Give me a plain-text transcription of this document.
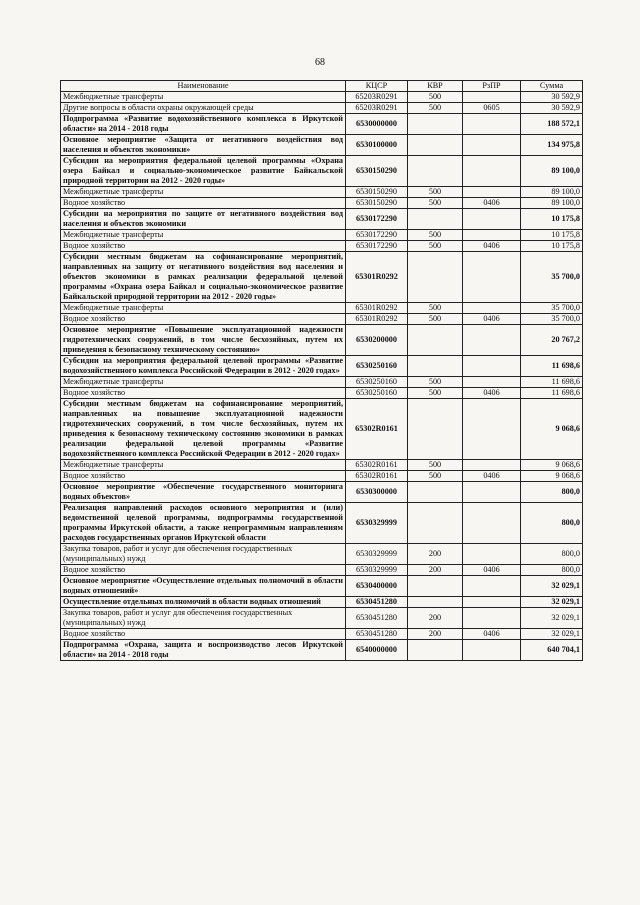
68
Наименование	КЦСР	КВР	РзПР	Сумма
Межбюджетные трансферты	65203R0291	500		30 592,9
Другие вопросы в области охраны окружающей среды	65203R0291	500	0605	30 592,9
Подпрограмма «Развитие водохозяйственного комплекса в Иркутской области» на 2014 - 2018 годы	6530000000			188 572,1
Основное мероприятие «Защита от негативного воздействия вод населения и объектов экономики»	6530100000			134 975,8
Субсидии на мероприятия федеральной целевой программы «Охрана озера Байкал и социально-экономическое развитие Байкальской природной территории на 2012 - 2020 годы»	6530150290			89 100,0
Межбюджетные трансферты	6530150290	500		89 100,0
Водное хозяйство	6530150290	500	0406	89 100,0
Субсидии на мероприятия по защите от негативного воздействия вод населения и объектов экономики	6530172290			10 175,8
Межбюджетные трансферты	6530172290	500		10 175,8
Водное хозяйство	6530172290	500	0406	10 175,8
Субсидии местным бюджетам на софинансирование мероприятий, направленных на защиту от негативного воздействия вод населения и объектов экономики в рамках реализации федеральной целевой программы «Охрана озера Байкал и социально-экономическое развитие Байкальской природной территории на 2012 - 2020 годы»	65301R0292			35 700,0
Межбюджетные трансферты	65301R0292	500		35 700,0
Водное хозяйство	65301R0292	500	0406	35 700,0
Основное мероприятие «Повышение эксплуатационной надежности гидротехнических сооружений, в том числе бесхозяйных, путем их приведения к безопасному техническому состоянию»	6530200000			20 767,2
Субсидии на мероприятия федеральной целевой программы «Развитие водохозяйственного комплекса Российской Федерации в 2012 - 2020 годах»	6530250160			11 698,6
Межбюджетные трансферты	6530250160	500		11 698,6
Водное хозяйство	6530250160	500	0406	11 698,6
Субсидии местным бюджетам на софинансирование мероприятий, направленных на повышение эксплуатационной надежности гидротехнических сооружений, в том числе бесхозяйных, путем их приведения к безопасному техническому состоянию экономики в рамках реализации федеральной целевой программы «Развитие водохозяйственного комплекса Российской Федерации в 2012 - 2020 годах»	65302R0161			9 068,6
Межбюджетные трансферты	65302R0161	500		9 068,6
Водное хозяйство	65302R0161	500	0406	9 068,6
Основное мероприятие «Обеспечение государственного мониторинга водных объектов»	6530300000			800,0
Реализация направлений расходов основного мероприятия и (или) ведомственной целевой программы, подпрограммы государственной программы Иркутской области, а также непрограммным направлениям расходов государственных органов Иркутской области	6530329999			800,0
Закупка товаров, работ и услуг для обеспечения государственных (муниципальных) нужд	6530329999	200		800,0
Водное хозяйство	6530329999	200	0406	800,0
Основное мероприятие «Осуществление отдельных полномочий в области водных отношений»	6530400000			32 029,1
Осуществление отдельных полномочий в области водных отношений	6530451280			32 029,1
Закупка товаров, работ и услуг для обеспечения государственных (муниципальных) нужд	6530451280	200		32 029,1
Водное хозяйство	6530451280	200	0406	32 029,1
Подпрограмма «Охрана, защита и воспроизводство лесов Иркутской области» на 2014 - 2018 годы	6540000000			640 704,1
